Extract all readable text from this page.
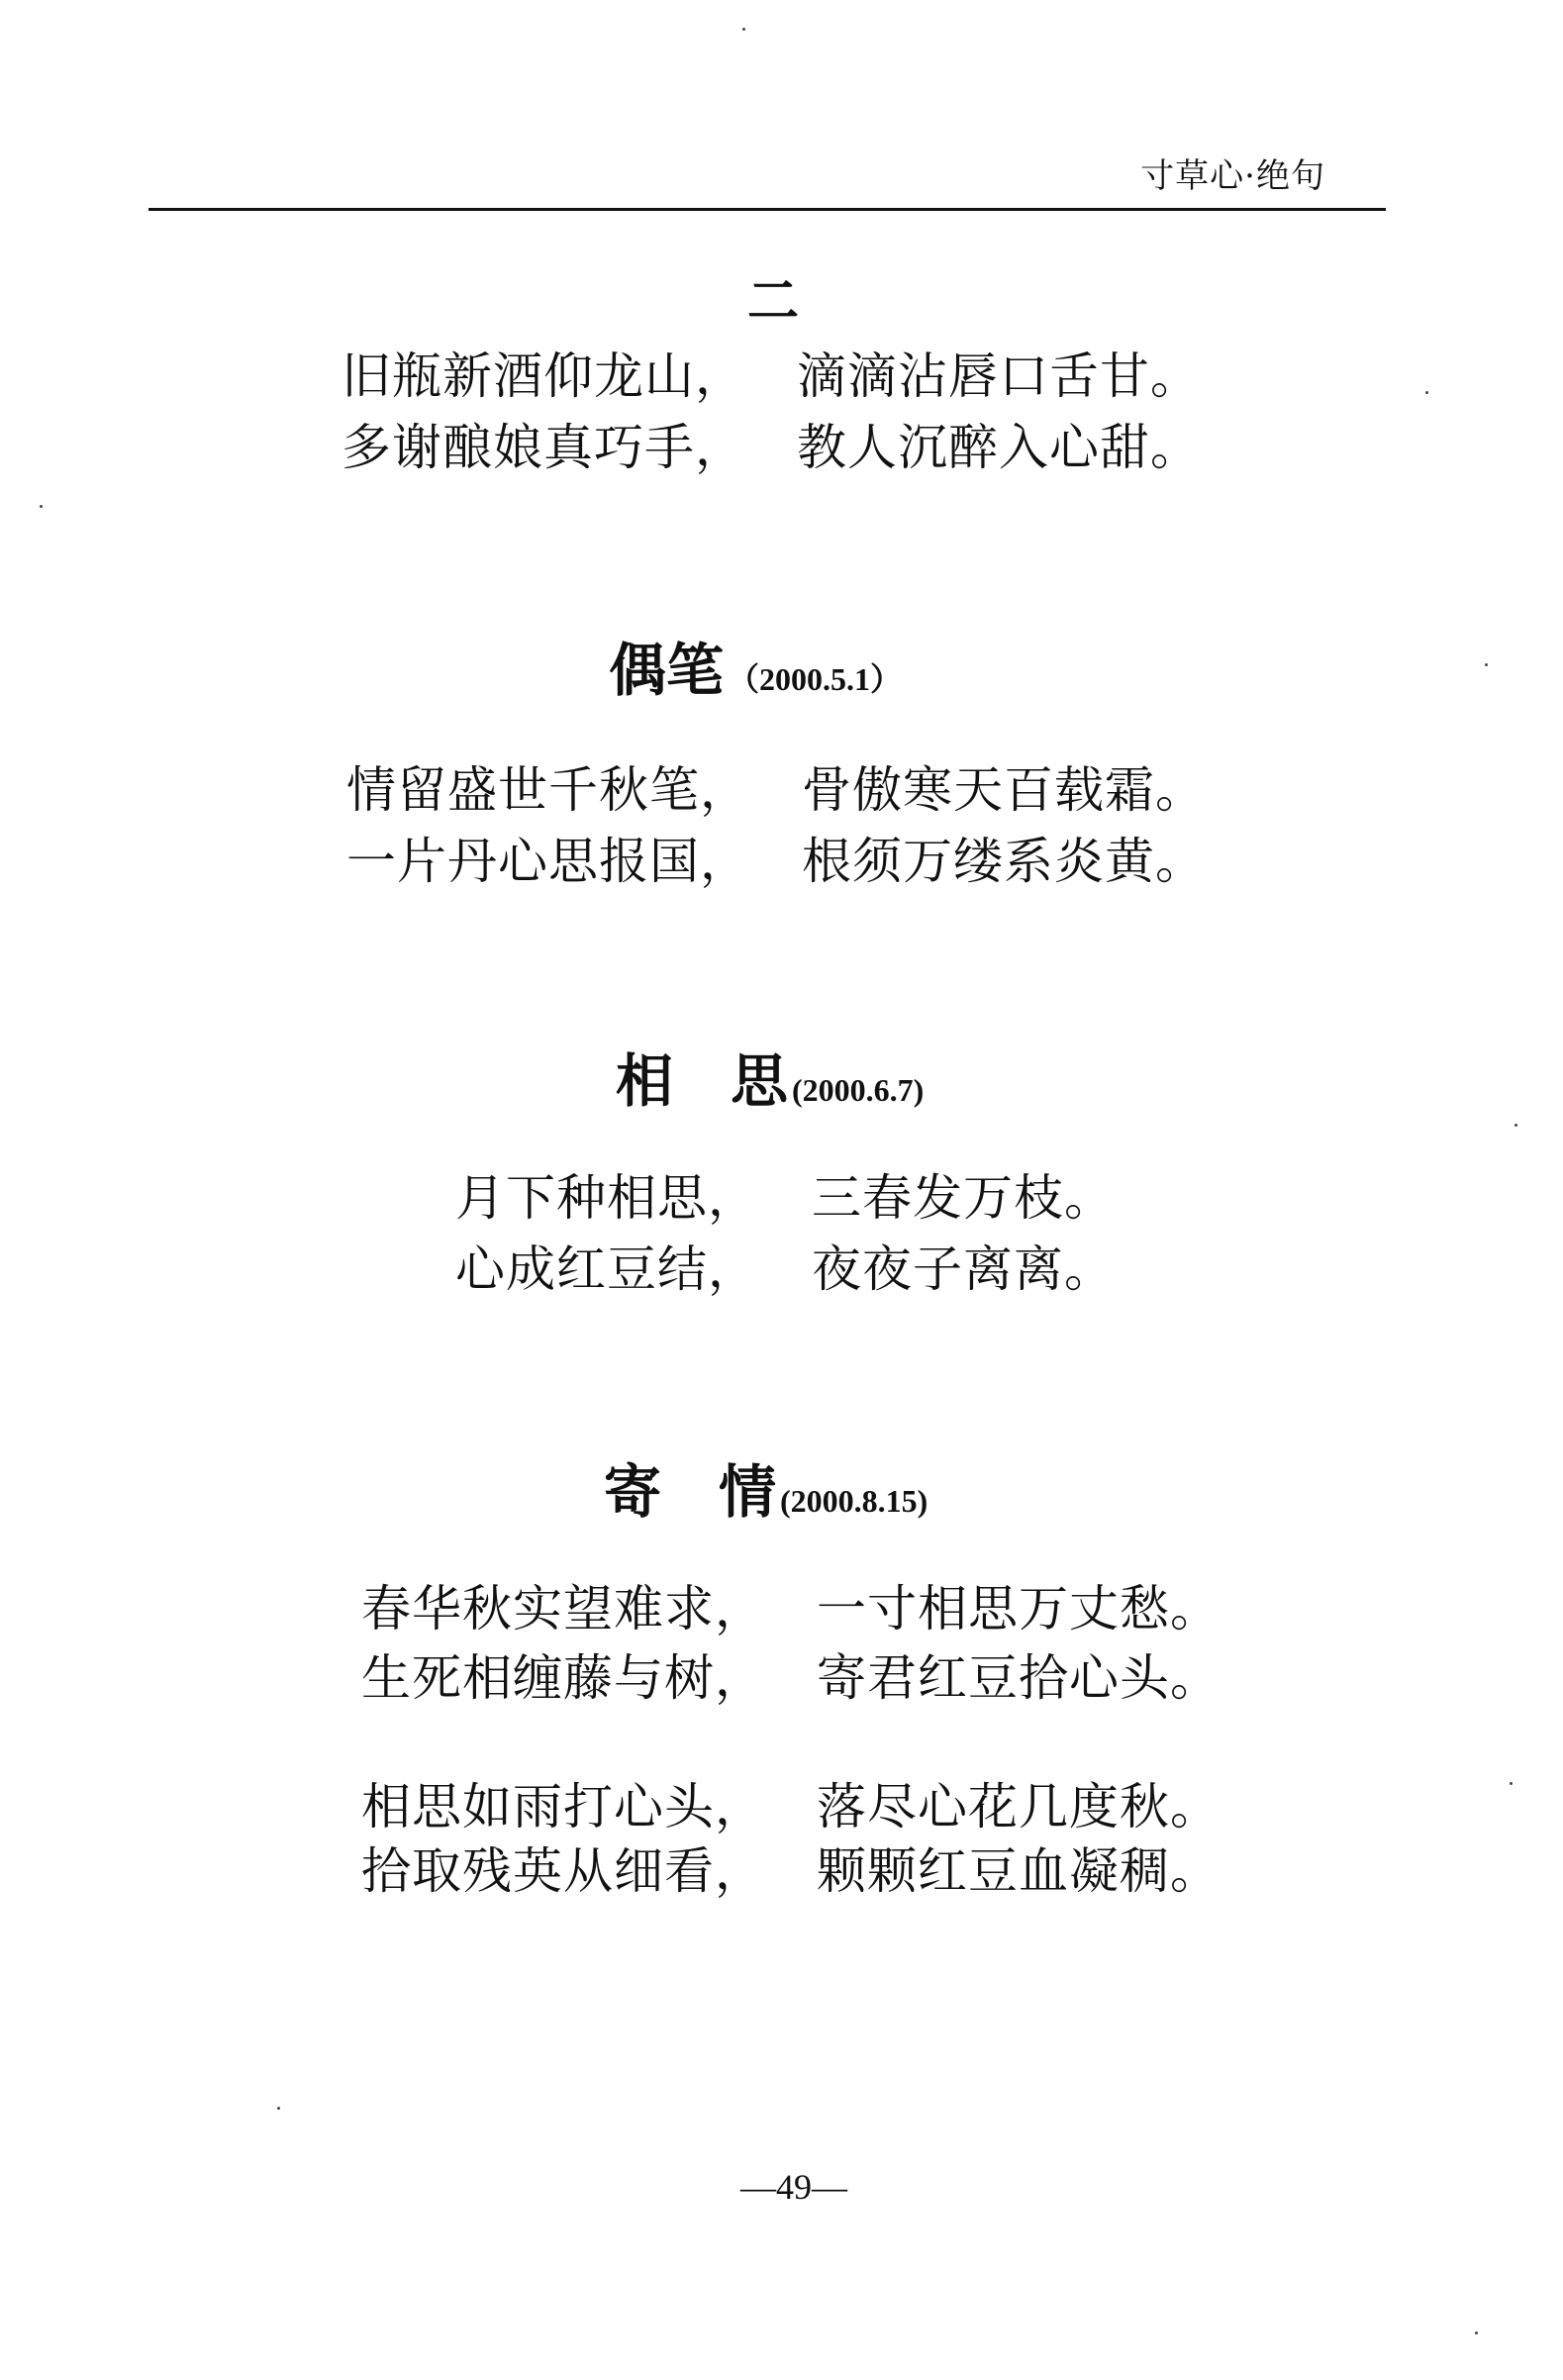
寸草心·绝句
二
旧瓶新酒仰龙山， 滴滴沾唇口舌甘。
多谢酿娘真巧手， 教人沉醉入心甜。
偶笔 （2000.5.1）
情留盛世千秋笔， 骨傲寒天百载霜。
一片丹心思报国， 根须万缕系炎黄。
相　思 (2000.6.7)
月下种相思， 三春发万枝。
心成红豆结， 夜夜子离离。
寄　情 (2000.8.15)
春华秋实望难求， 一寸相思万丈愁。
生死相缠藤与树， 寄君红豆拾心头。
相思如雨打心头， 落尽心花几度秋。
拾取残英从细看， 颗颗红豆血凝稠。
—49—
